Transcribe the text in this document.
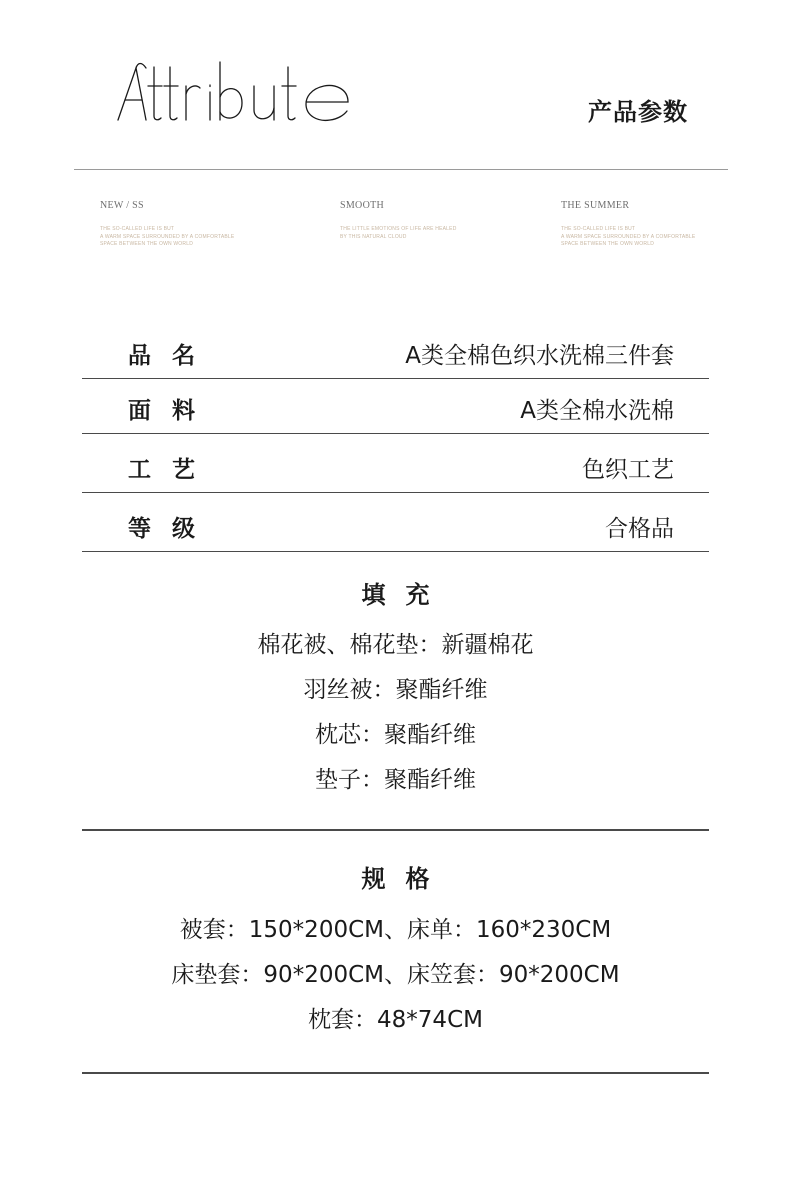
产品参数
NEW / SS
THE SO-CALLED LIFE IS BUT
A WARM SPACE SURROUNDED BY A COMFORTABLE
SPACE BETWEEN THE OWN WORLD
SMOOTH
THE LITTLE EMOTIONS OF LIFE ARE HEALED
BY THIS NATURAL CLOUD
THE SUMMER
THE SO-CALLED LIFE IS BUT
A WARM SPACE SURROUNDED BY A COMFORTABLE
SPACE BETWEEN THE OWN WORLD
品名	A类全棉色织水洗棉三件套
面料	A类全棉水洗棉
工艺	色织工艺
等级	合格品
填充
棉花被、棉花垫：新疆棉花
羽丝被：聚酯纤维
枕芯：聚酯纤维
垫子：聚酯纤维
规格
被套：150*200CM、床单：160*230CM
床垫套：90*200CM、床笠套：90*200CM
枕套：48*74CM
